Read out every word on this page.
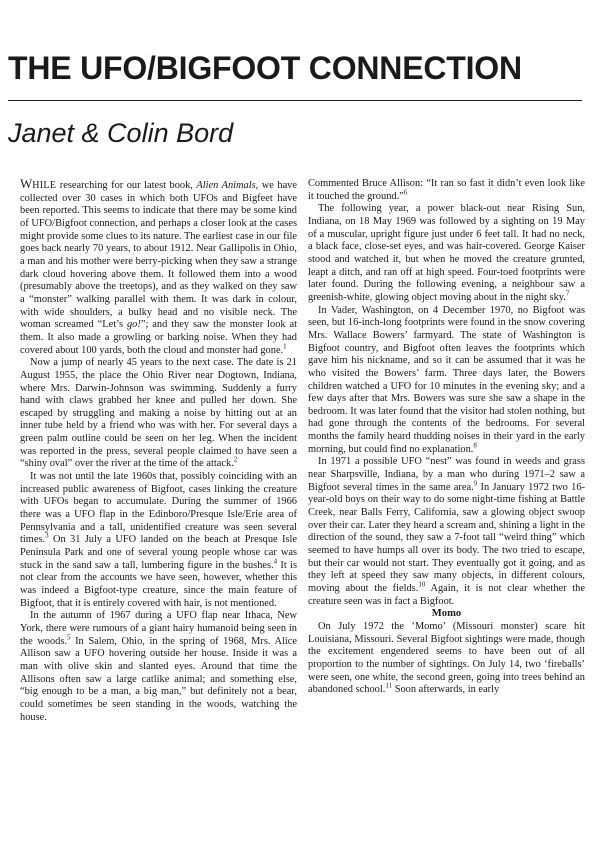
THE UFO/BIGFOOT CONNECTION
Janet & Colin Bord

WHILE researching for our latest book, Alien Animals, we have collected over 30 cases in which both UFOs and Bigfeet have been reported. This seems to indicate that there may be some kind of UFO/Bigfoot connection, and perhaps a closer look at the cases might provide some clues to its nature. The earliest case in our file goes back nearly 70 years, to about 1912. Near Gallipolis in Ohio, a man and his mother were berry-picking when they saw a strange dark cloud hovering above them. It followed them into a wood (presumably above the treetops), and as they walked on they saw a “monster” walking parallel with them. It was dark in colour, with wide shoulders, a bulky head and no visible neck. The woman screamed “Let’s go!”; and they saw the monster look at them. It also made a growling or barking noise. When they had covered about 100 yards, both the cloud and monster had gone.$^1$

Now a jump of nearly 45 years to the next case. The date is 21 August 1955, the place the Ohio River near Dogtown, Indiana, where Mrs. Darwin-Johnson was swimming. Suddenly a furry hand with claws grabbed her knee and pulled her down. She escaped by struggling and making a noise by hitting out at an inner tube held by a friend who was with her. For several days a green palm outline could be seen on her leg. When the incident was reported in the press, several people claimed to have seen a “shiny oval” over the river at the time of the attack.$^2$

It was not until the late 1960s that, possibly coinciding with an increased public awareness of Bigfoot, cases linking the creature with UFOs began to accumulate. During the summer of 1966 there was a UFO flap in the Edinboro/Presque Isle/Erie area of Pennsylvania and a tall, unidentified creature was seen several times.$^3$ On 31 July a UFO landed on the beach at Presque Isle Peninsula Park and one of several young people whose car was stuck in the sand saw a tall, lumbering figure in the bushes.$^4$ It is not clear from the accounts we have seen, however, whether this was indeed a Bigfoot-type creature, since the main feature of Bigfoot, that it is entirely covered with hair, is not mentioned.

In the autumn of 1967 during a UFO flap near Ithaca, New York, there were rumours of a giant hairy humanoid being seen in the woods.$^5$ In Salem, Ohio, in the spring of 1968, Mrs. Alice Allison saw a UFO hovering outside her house. Inside it was a man with olive skin and slanted eyes. Around that time the Allisons often saw a large catlike animal; and something else, “big enough to be a man, a big man,” but definitely not a bear, could sometimes be seen standing in the woods, watching the house.

Commented Bruce Allison: “It ran so fast it didn’t even look like it touched the ground.”$^6$

The following year, a power black-out near Rising Sun, Indiana, on 18 May 1969 was followed by a sighting on 19 May of a muscular, upright figure just under 6 feet tall. It had no neck, a black face, close-set eyes, and was hair-covered. George Kaiser stood and watched it, but when he moved the creature grunted, leapt a ditch, and ran off at high speed. Four-toed footprints were later found. During the following evening, a neighbour saw a greenish-white, glowing object moving about in the night sky.$^7$

In Vader, Washington, on 4 December 1970, no Bigfoot was seen, but 16-inch-long footprints were found in the snow covering Mrs. Wallace Bowers’ farmyard. The state of Washington is Bigfoot country, and Bigfoot often leaves the footprints which gave him his nickname, and so it can be assumed that it was he who visited the Bowers’ farm. Three days later, the Bowers children watched a UFO for 10 minutes in the evening sky; and a few days after that Mrs. Bowers was sure she saw a shape in the bedroom. It was later found that the visitor had stolen nothing, but had gone through the contents of the bedrooms. For several months the family heard thudding noises in their yard in the early morning, but could find no explanation.$^8$

In 1971 a possible UFO “nest” was found in weeds and grass near Sharpsville, Indiana, by a man who during 1971–2 saw a Bigfoot several times in the same area.$^9$ In January 1972 two 16-year-old boys on their way to do some night-time fishing at Battle Creek, near Balls Ferry, California, saw a glowing object swoop over their car. Later they heard a scream and, shining a light in the direction of the sound, they saw a 7-foot tall “weird thing” which seemed to have humps all over its body. The two tried to escape, but their car would not start. They eventually got it going, and as they left at speed they saw many objects, in different colours, moving about the fields.$^{10}$ Again, it is not clear whether the creature seen was in fact a Bigfoot.

Momo

On July 1972 the ‘Momo’ (Missouri monster) scare hit Louisiana, Missouri. Several Bigfoot sightings were made, though the excitement engendered seems to have been out of all proportion to the number of sightings. On July 14, two ‘fireballs’ were seen, one white, the second green, going into trees behind an abandoned school.$^{11}$ Soon afterwards, in early
